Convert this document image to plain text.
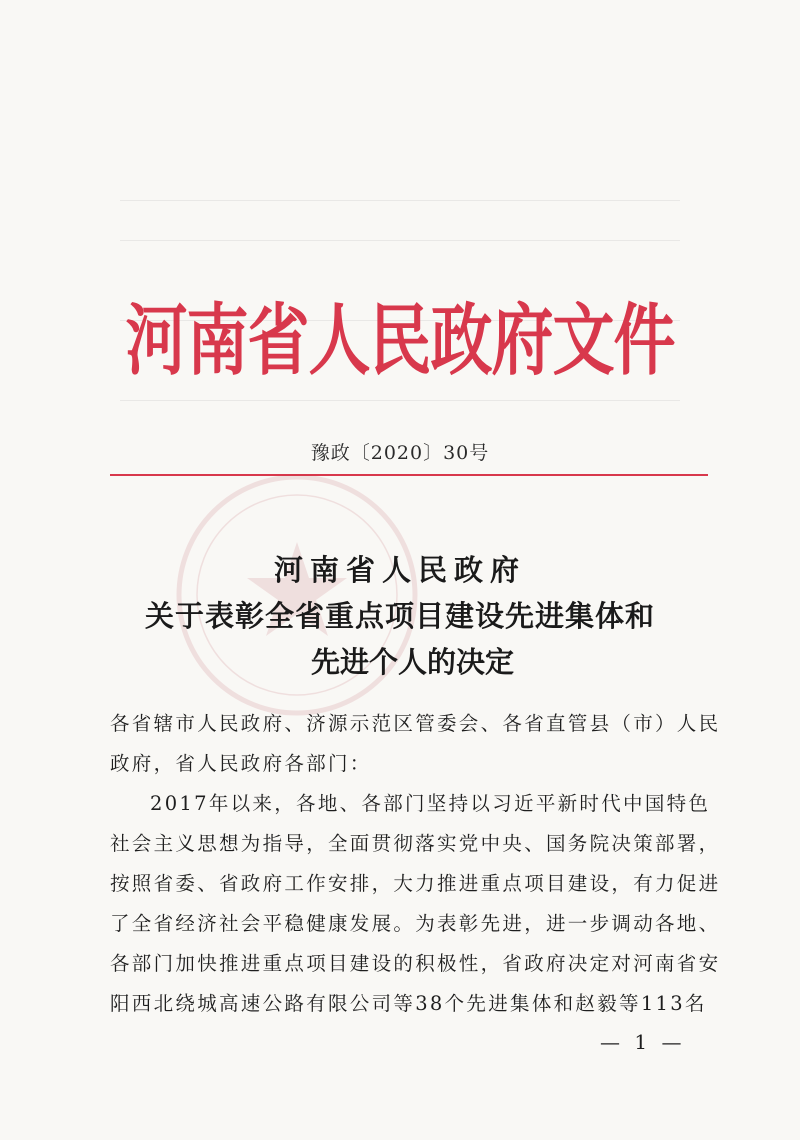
河南省人民政府文件
豫政〔2020〕30号
河南省人民政府
关于表彰全省重点项目建设先进集体和
先进个人的决定
各省辖市人民政府、济源示范区管委会、各省直管县（市）人民
政府，省人民政府各部门：
2017年以来，各地、各部门坚持以习近平新时代中国特色
社会主义思想为指导，全面贯彻落实党中央、国务院决策部署，
按照省委、省政府工作安排，大力推进重点项目建设，有力促进
了全省经济社会平稳健康发展。为表彰先进，进一步调动各地、
各部门加快推进重点项目建设的积极性，省政府决定对河南省安
阳西北绕城高速公路有限公司等38个先进集体和赵毅等113名
— 1 —
